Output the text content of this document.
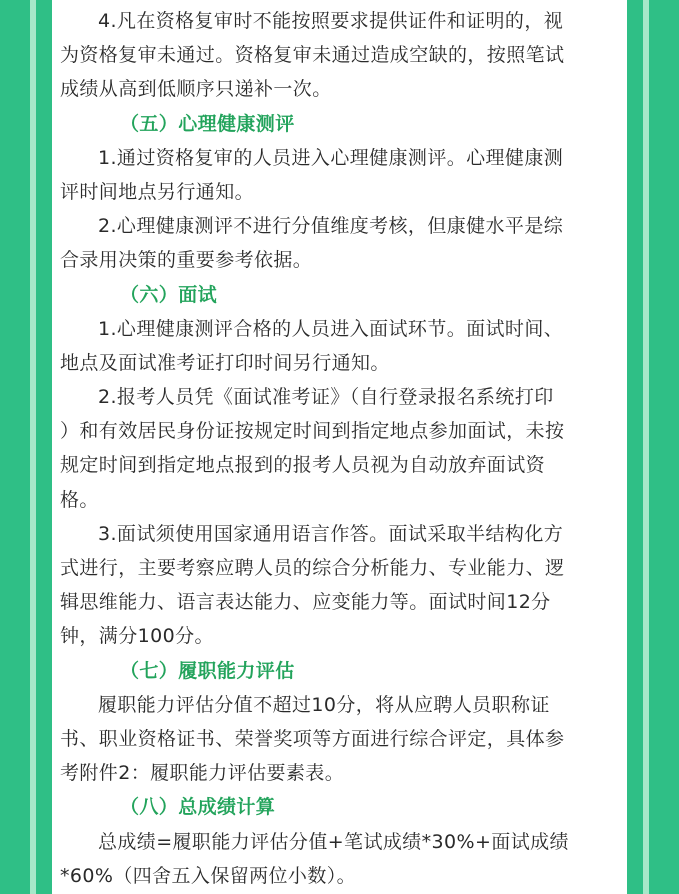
4.凡在资格复审时不能按照要求提供证件和证明的，视
为资格复审未通过。资格复审未通过造成空缺的，按照笔试
成绩从高到低顺序只递补一次。
（五）心理健康测评
1.通过资格复审的人员进入心理健康测评。心理健康测
评时间地点另行通知。
2.心理健康测评不进行分值维度考核，但康健水平是综
合录用决策的重要参考依据。
（六）面试
1.心理健康测评合格的人员进入面试环节。面试时间、
地点及面试准考证打印时间另行通知。
2.报考人员凭《面试准考证》（自行登录报名系统打印
）和有效居民身份证按规定时间到指定地点参加面试，未按
规定时间到指定地点报到的报考人员视为自动放弃面试资
格。
3.面试须使用国家通用语言作答。面试采取半结构化方
式进行，主要考察应聘人员的综合分析能力、专业能力、逻
辑思维能力、语言表达能力、应变能力等。面试时间12分
钟，满分100分。
（七）履职能力评估
履职能力评估分值不超过10分，将从应聘人员职称证
书、职业资格证书、荣誉奖项等方面进行综合评定，具体参
考附件2：履职能力评估要素表。
（八）总成绩计算
总成绩=履职能力评估分值+笔试成绩*30%+面试成绩
*60%（四舍五入保留两位小数）。
